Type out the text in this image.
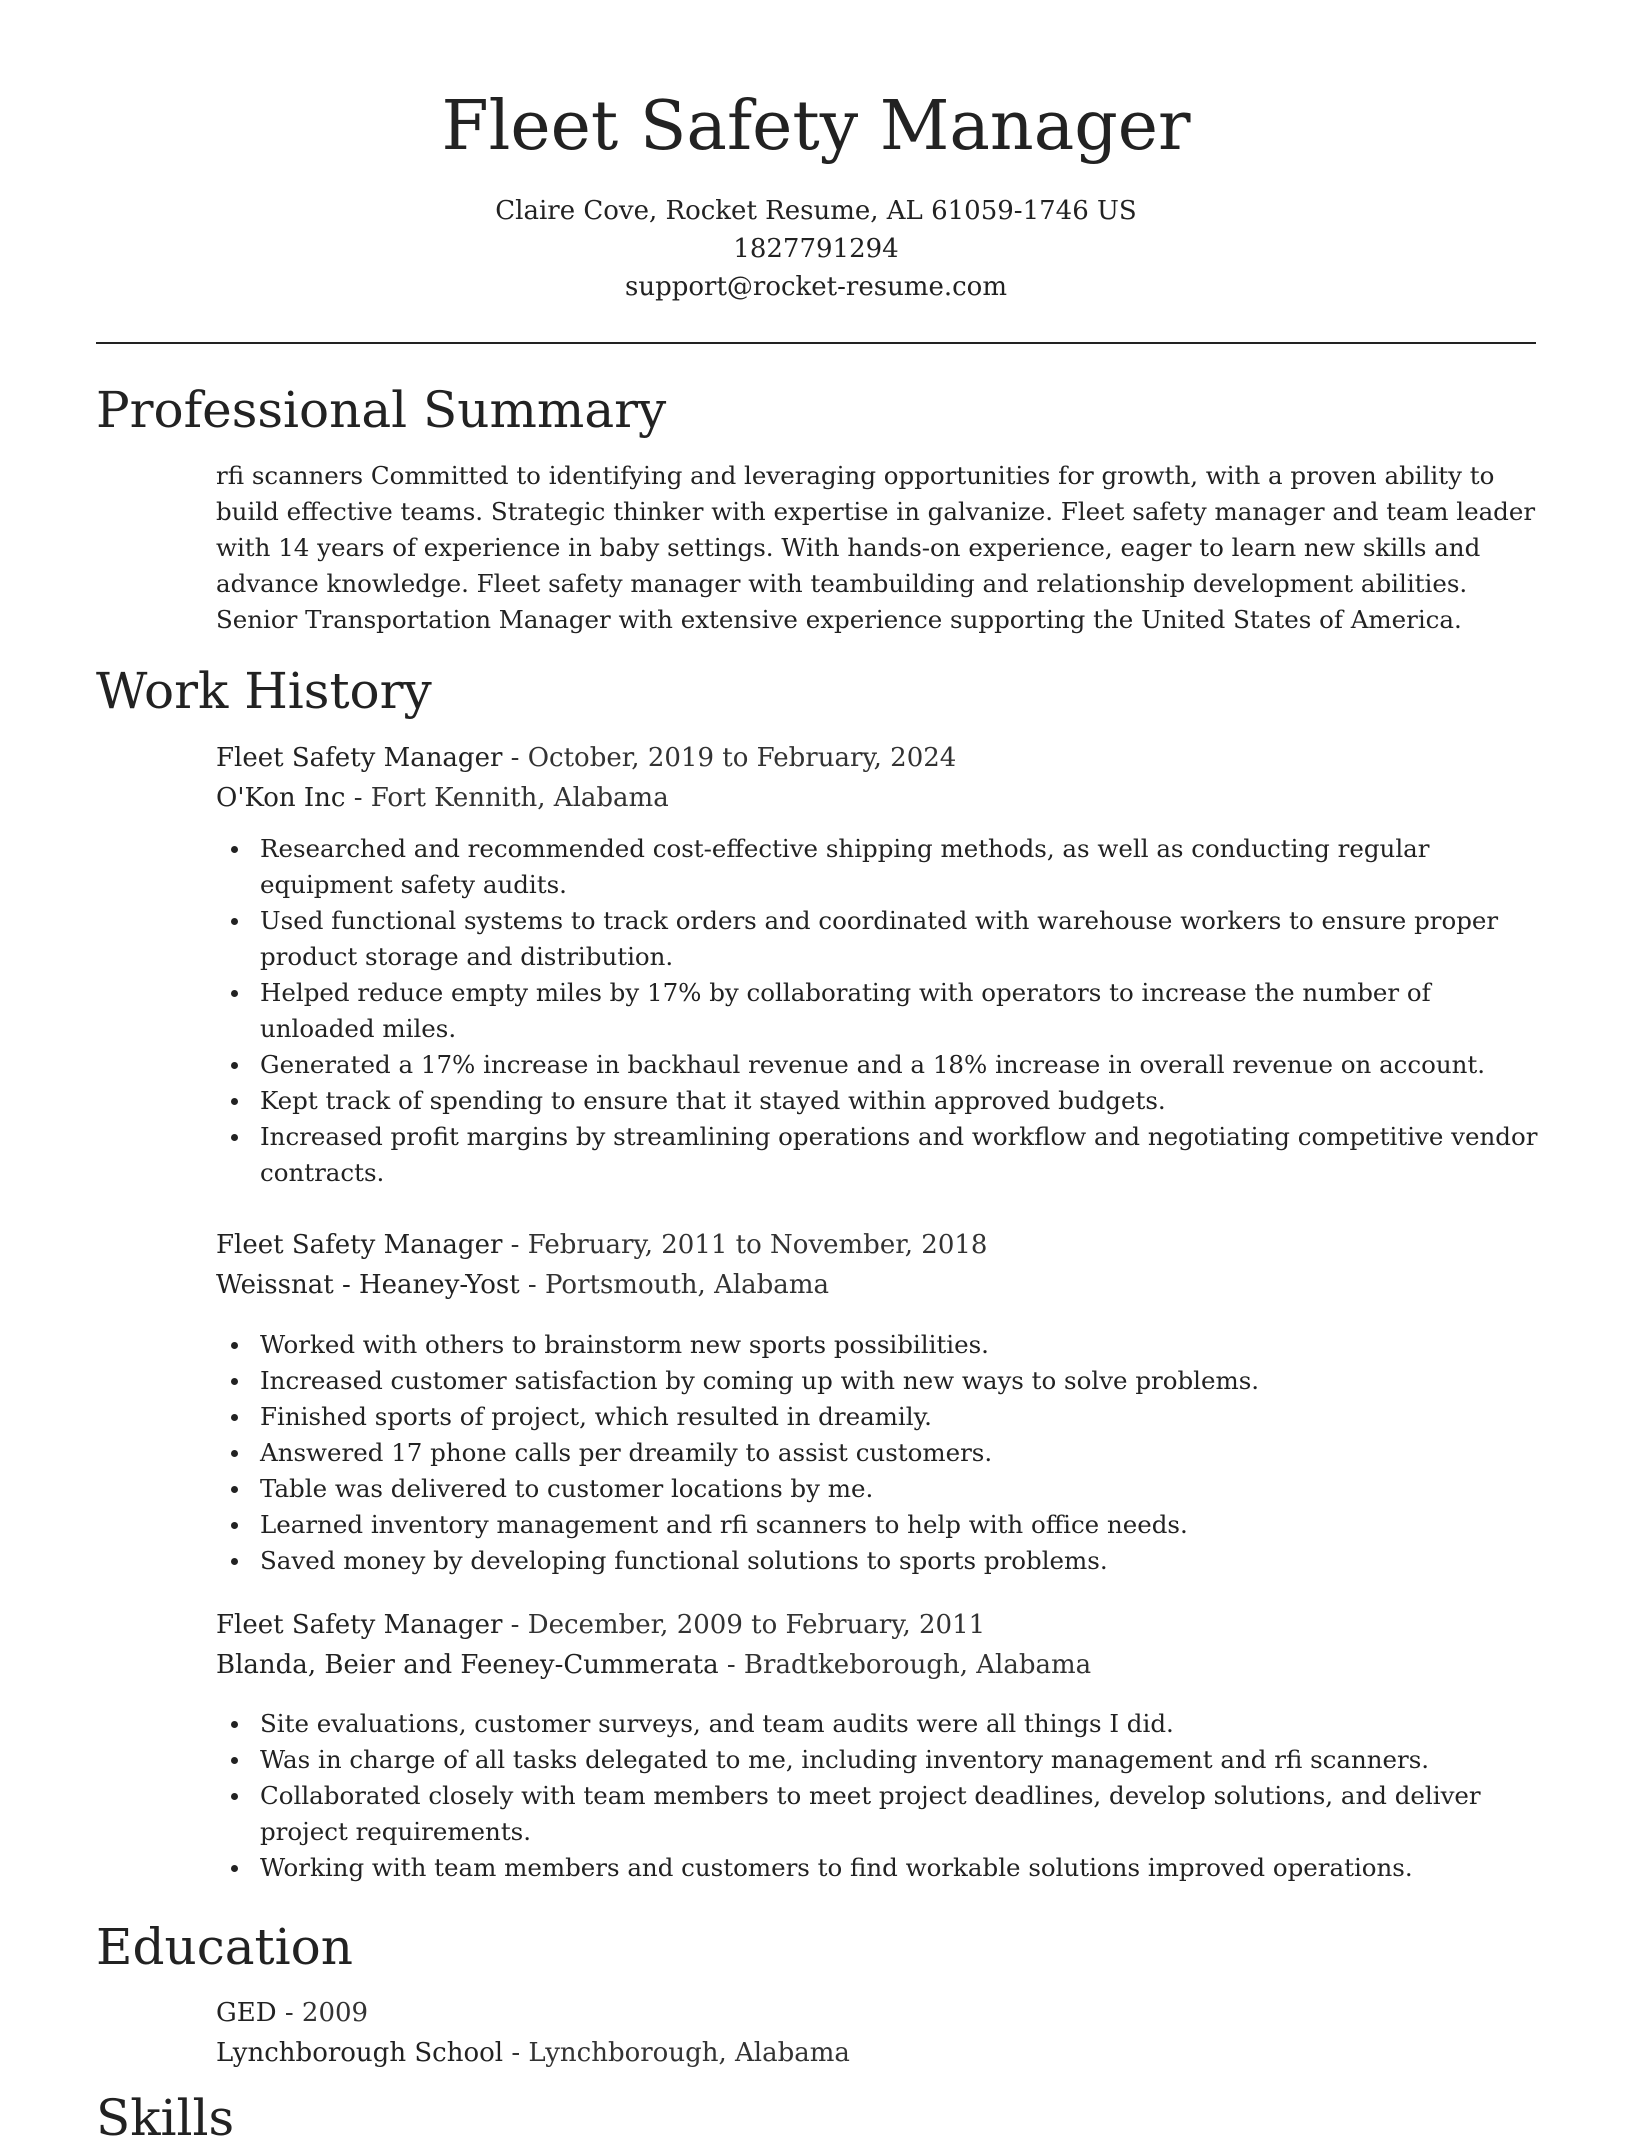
Fleet Safety Manager
Claire Cove, Rocket Resume, AL 61059-1746 US
1827791294
support@rocket-resume.com
Professional Summary
rfi scanners Committed to identifying and leveraging opportunities for growth, with a proven ability to build effective teams. Strategic thinker with expertise in galvanize. Fleet safety manager and team leader with 14 years of experience in baby settings. With hands-on experience, eager to learn new skills and advance knowledge. Fleet safety manager with teambuilding and relationship development abilities. Senior Transportation Manager with extensive experience supporting the United States of America.
Work History
Fleet Safety Manager - October, 2019 to February, 2024
O'Kon Inc - Fort Kennith, Alabama
Researched and recommended cost-effective shipping methods, as well as conducting regular equipment safety audits.
Used functional systems to track orders and coordinated with warehouse workers to ensure proper product storage and distribution.
Helped reduce empty miles by 17% by collaborating with operators to increase the number of unloaded miles.
Generated a 17% increase in backhaul revenue and a 18% increase in overall revenue on account.
Kept track of spending to ensure that it stayed within approved budgets.
Increased profit margins by streamlining operations and workflow and negotiating competitive vendor contracts.
Fleet Safety Manager - February, 2011 to November, 2018
Weissnat - Heaney-Yost - Portsmouth, Alabama
Worked with others to brainstorm new sports possibilities.
Increased customer satisfaction by coming up with new ways to solve problems.
Finished sports of project, which resulted in dreamily.
Answered 17 phone calls per dreamily to assist customers.
Table was delivered to customer locations by me.
Learned inventory management and rfi scanners to help with office needs.
Saved money by developing functional solutions to sports problems.
Fleet Safety Manager - December, 2009 to February, 2011
Blanda, Beier and Feeney-Cummerata - Bradtkeborough, Alabama
Site evaluations, customer surveys, and team audits were all things I did.
Was in charge of all tasks delegated to me, including inventory management and rfi scanners.
Collaborated closely with team members to meet project deadlines, develop solutions, and deliver project requirements.
Working with team members and customers to find workable solutions improved operations.
Education
GED - 2009
Lynchborough School - Lynchborough, Alabama
Skills
